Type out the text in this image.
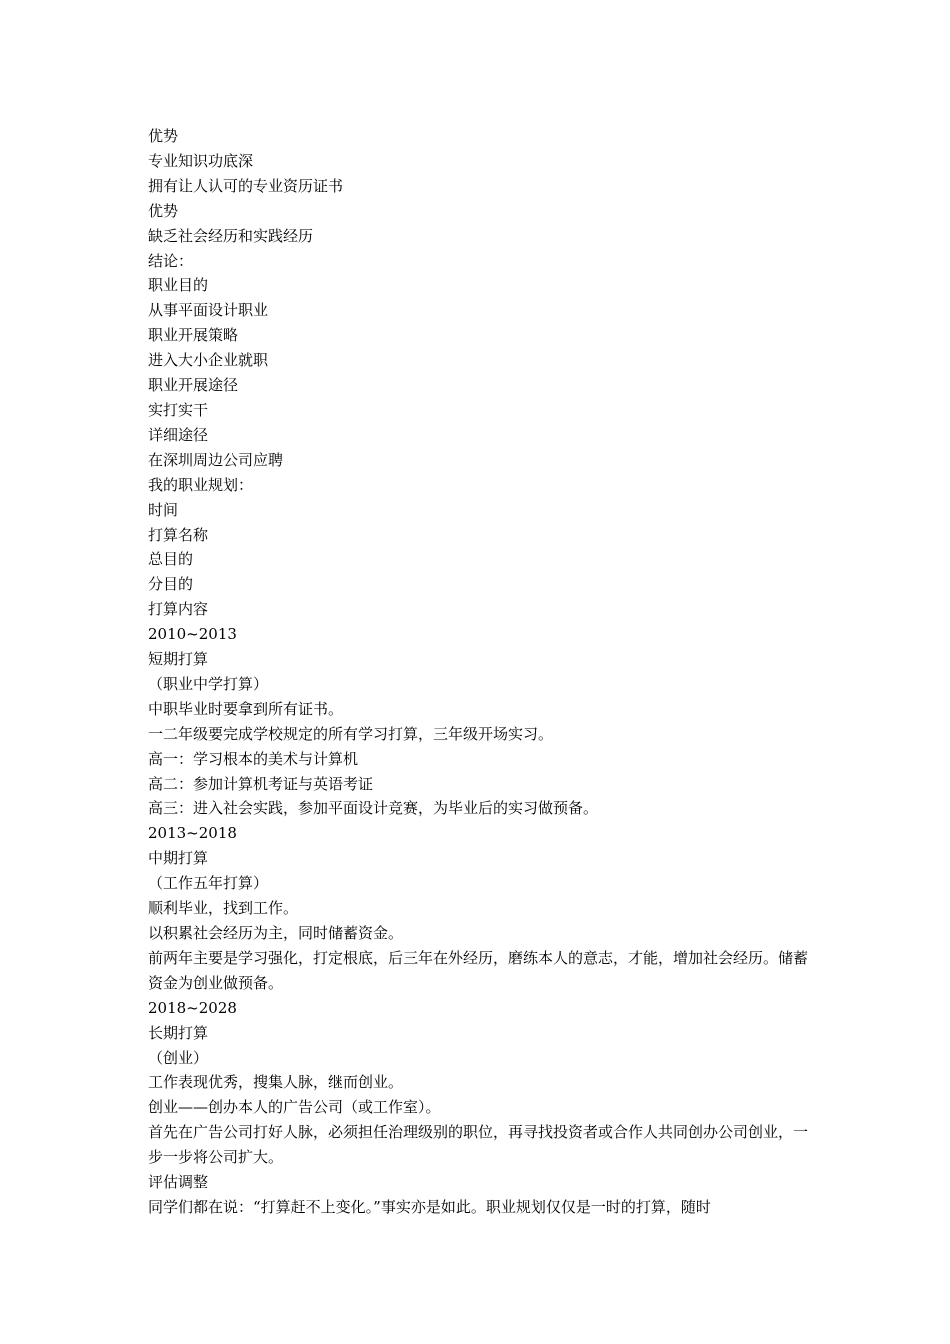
优势
专业知识功底深
拥有让人认可的专业资历证书
优势
缺乏社会经历和实践经历
结论：
职业目的
从事平面设计职业
职业开展策略
进入大小企业就职
职业开展途径
实打实干
详细途径
在深圳周边公司应聘
我的职业规划：
时间
打算名称
总目的
分目的
打算内容
2010~2013
短期打算
（职业中学打算）
中职毕业时要拿到所有证书。
一二年级要完成学校规定的所有学习打算，三年级开场实习。
高一：学习根本的美术与计算机
高二：参加计算机考证与英语考证
高三：进入社会实践，参加平面设计竞赛，为毕业后的实习做预备。
2013~2018
中期打算
（工作五年打算）
顺利毕业，找到工作。
以积累社会经历为主，同时储蓄资金。
前两年主要是学习强化，打定根底，后三年在外经历，磨练本人的意志，才能，增加社会经历。储蓄资金为创业做预备。
2018~2028
长期打算
（创业）
工作表现优秀，搜集人脉，继而创业。
创业——创办本人的广告公司（或工作室）。
首先在广告公司打好人脉，必须担任治理级别的职位，再寻找投资者或合作人共同创办公司创业，一步一步将公司扩大。
评估调整
同学们都在说：“打算赶不上变化。”事实亦是如此。职业规划仅仅是一时的打算，随时
